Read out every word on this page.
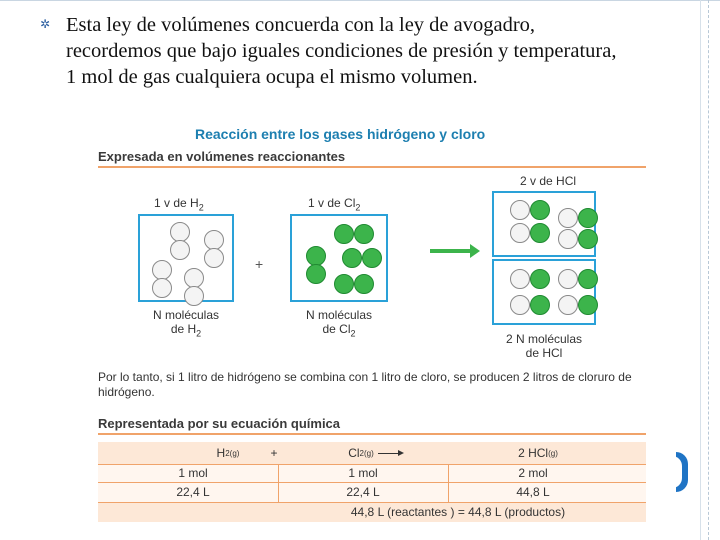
✲ Esta ley de volúmenes concuerda con la ley de avogadro, recordemos que bajo iguales condiciones de presión y temperatura, 1 mol de gas cualquiera ocupa el mismo volumen.

Reacción entre los gases hidrógeno y cloro
Expresada en volúmenes reaccionantes
1 v de $H_2$
+
1 v de $Cl_2$
2 v de HCl
N moléculas
de $H_2$
N moléculas
de $Cl_2$	2 N moléculas
de HCl
Por lo tanto, si 1 litro de hidrógeno se combina con 1 litro de cloro, se producen 2 litros de cloruro de hidrógeno.
Representada por su ecuación química
H 2(g)	+	Cl 2(g)	2 HCl (g)
1 mol	1 mol	2 mol
22,4 L	22,4 L	44,8 L
44,8 L (reactantes ) = 44,8 L (productos)
